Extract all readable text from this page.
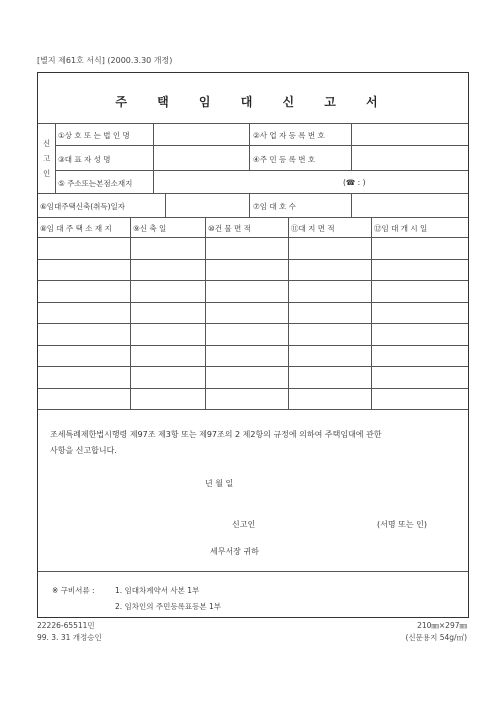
[별지 제61호 서식] (2000.3.30 개정)
주 택 임 대 신 고 서
신
고
인
①상 호 또 는 법 인 명	②사 업 자 등 록 번 호
③대 표 자 성 명	④주 민 등 록 번 호
⑤ 주소또는본점소재지	(☎ : )
⑥임대주택신축(취득)일자	⑦임 대 호 수
⑧임 대 주 택 소 재 지	⑨신 축 일	⑩건 물 면 적	⑪대 지 면 적	⑫임 대 개 시 일
조세특례제한법시행령 제97조 제3항 또는 제97조의 2 제2항의 규정에 의하여 주택임대에 관한
사항을 신고합니다.
년 월 일
신고인	(서명 또는 인)
세무서장 귀하
※ 구비서류 :	1. 임대차계약서 사본 1부
2. 임차인의 주민등록표등본 1부
22226-65511민
99. 3. 31 개정승인
210㎜×297㎜
(신문용지 54g/㎡)
